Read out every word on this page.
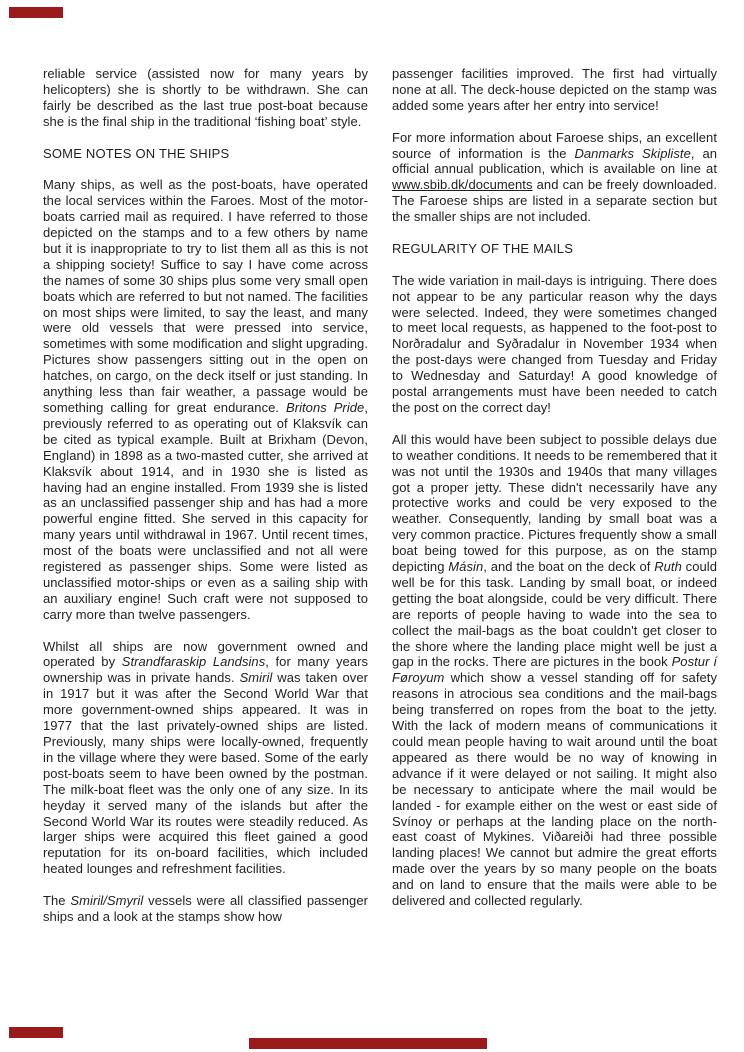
reliable service (assisted now for many years by helicopters) she is shortly to be withdrawn. She can fairly be described as the last true post-boat because she is the final ship in the traditional ‘fishing boat’ style.

SOME NOTES ON THE SHIPS

Many ships, as well as the post-boats, have operated the local services within the Faroes. Most of the motor-boats carried mail as required. I have referred to those depicted on the stamps and to a few others by name but it is inappropriate to try to list them all as this is not a shipping society! Suffice to say I have come across the names of some 30 ships plus some very small open boats which are referred to but not named. The facilities on most ships were limited, to say the least, and many were old vessels that were pressed into service, sometimes with some modification and slight upgrading. Pictures show passengers sitting out in the open on hatches, on cargo, on the deck itself or just standing. In anything less than fair weather, a passage would be something calling for great endurance. Britons Pride, previously referred to as operating out of Klaksvík can be cited as typical example. Built at Brixham (Devon, England) in 1898 as a two-masted cutter, she arrived at Klaksvík about 1914, and in 1930 she is listed as having had an engine installed. From 1939 she is listed as an unclassified passenger ship and has had a more powerful engine fitted. She served in this capacity for many years until withdrawal in 1967. Until recent times, most of the boats were unclassified and not all were registered as passenger ships. Some were listed as unclassified motor-ships or even as a sailing ship with an auxiliary engine! Such craft were not supposed to carry more than twelve passengers.

Whilst all ships are now government owned and operated by Strandfaraskip Landsins, for many years ownership was in private hands. Smiril was taken over in 1917 but it was after the Second World War that more government-owned ships appeared. It was in 1977 that the last privately-owned ships are listed. Previously, many ships were locally-owned, frequently in the village where they were based. Some of the early post-boats seem to have been owned by the postman. The milk-boat fleet was the only one of any size. In its heyday it served many of the islands but after the Second World War its routes were steadily reduced. As larger ships were acquired this fleet gained a good reputation for its on-board facilities, which included heated lounges and refreshment facilities.

The Smiril/Smyril vessels were all classified passenger ships and a look at the stamps show how

passenger facilities improved. The first had virtually none at all. The deck-house depicted on the stamp was added some years after her entry into service!

For more information about Faroese ships, an excellent source of information is the Danmarks Skipliste, an official annual publication, which is available on line at www.sbib.dk/documents and can be freely downloaded. The Faroese ships are listed in a separate section but the smaller ships are not included.

REGULARITY OF THE MAILS

The wide variation in mail-days is intriguing. There does not appear to be any particular reason why the days were selected. Indeed, they were sometimes changed to meet local requests, as happened to the foot-post to Norðradalur and Syðradalur in November 1934 when the post-days were changed from Tuesday and Friday to Wednesday and Saturday! A good knowledge of postal arrangements must have been needed to catch the post on the correct day!

All this would have been subject to possible delays due to weather conditions. It needs to be remembered that it was not until the 1930s and 1940s that many villages got a proper jetty. These didn't necessarily have any protective works and could be very exposed to the weather. Consequently, landing by small boat was a very common practice. Pictures frequently show a small boat being towed for this purpose, as on the stamp depicting Másin, and the boat on the deck of Ruth could well be for this task. Landing by small boat, or indeed getting the boat alongside, could be very difficult. There are reports of people having to wade into the sea to collect the mail-bags as the boat couldn't get closer to the shore where the landing place might well be just a gap in the rocks. There are pictures in the book Postur í Føroyum which show a vessel standing off for safety reasons in atrocious sea conditions and the mail-bags being transferred on ropes from the boat to the jetty. With the lack of modern means of communications it could mean people having to wait around until the boat appeared as there would be no way of knowing in advance if it were delayed or not sailing. It might also be necessary to anticipate where the mail would be landed - for example either on the west or east side of Svínoy or perhaps at the landing place on the north-east coast of Mykines. Viðareiði had three possible landing places! We cannot but admire the great efforts made over the years by so many people on the boats and on land to ensure that the mails were able to be delivered and collected regularly.
